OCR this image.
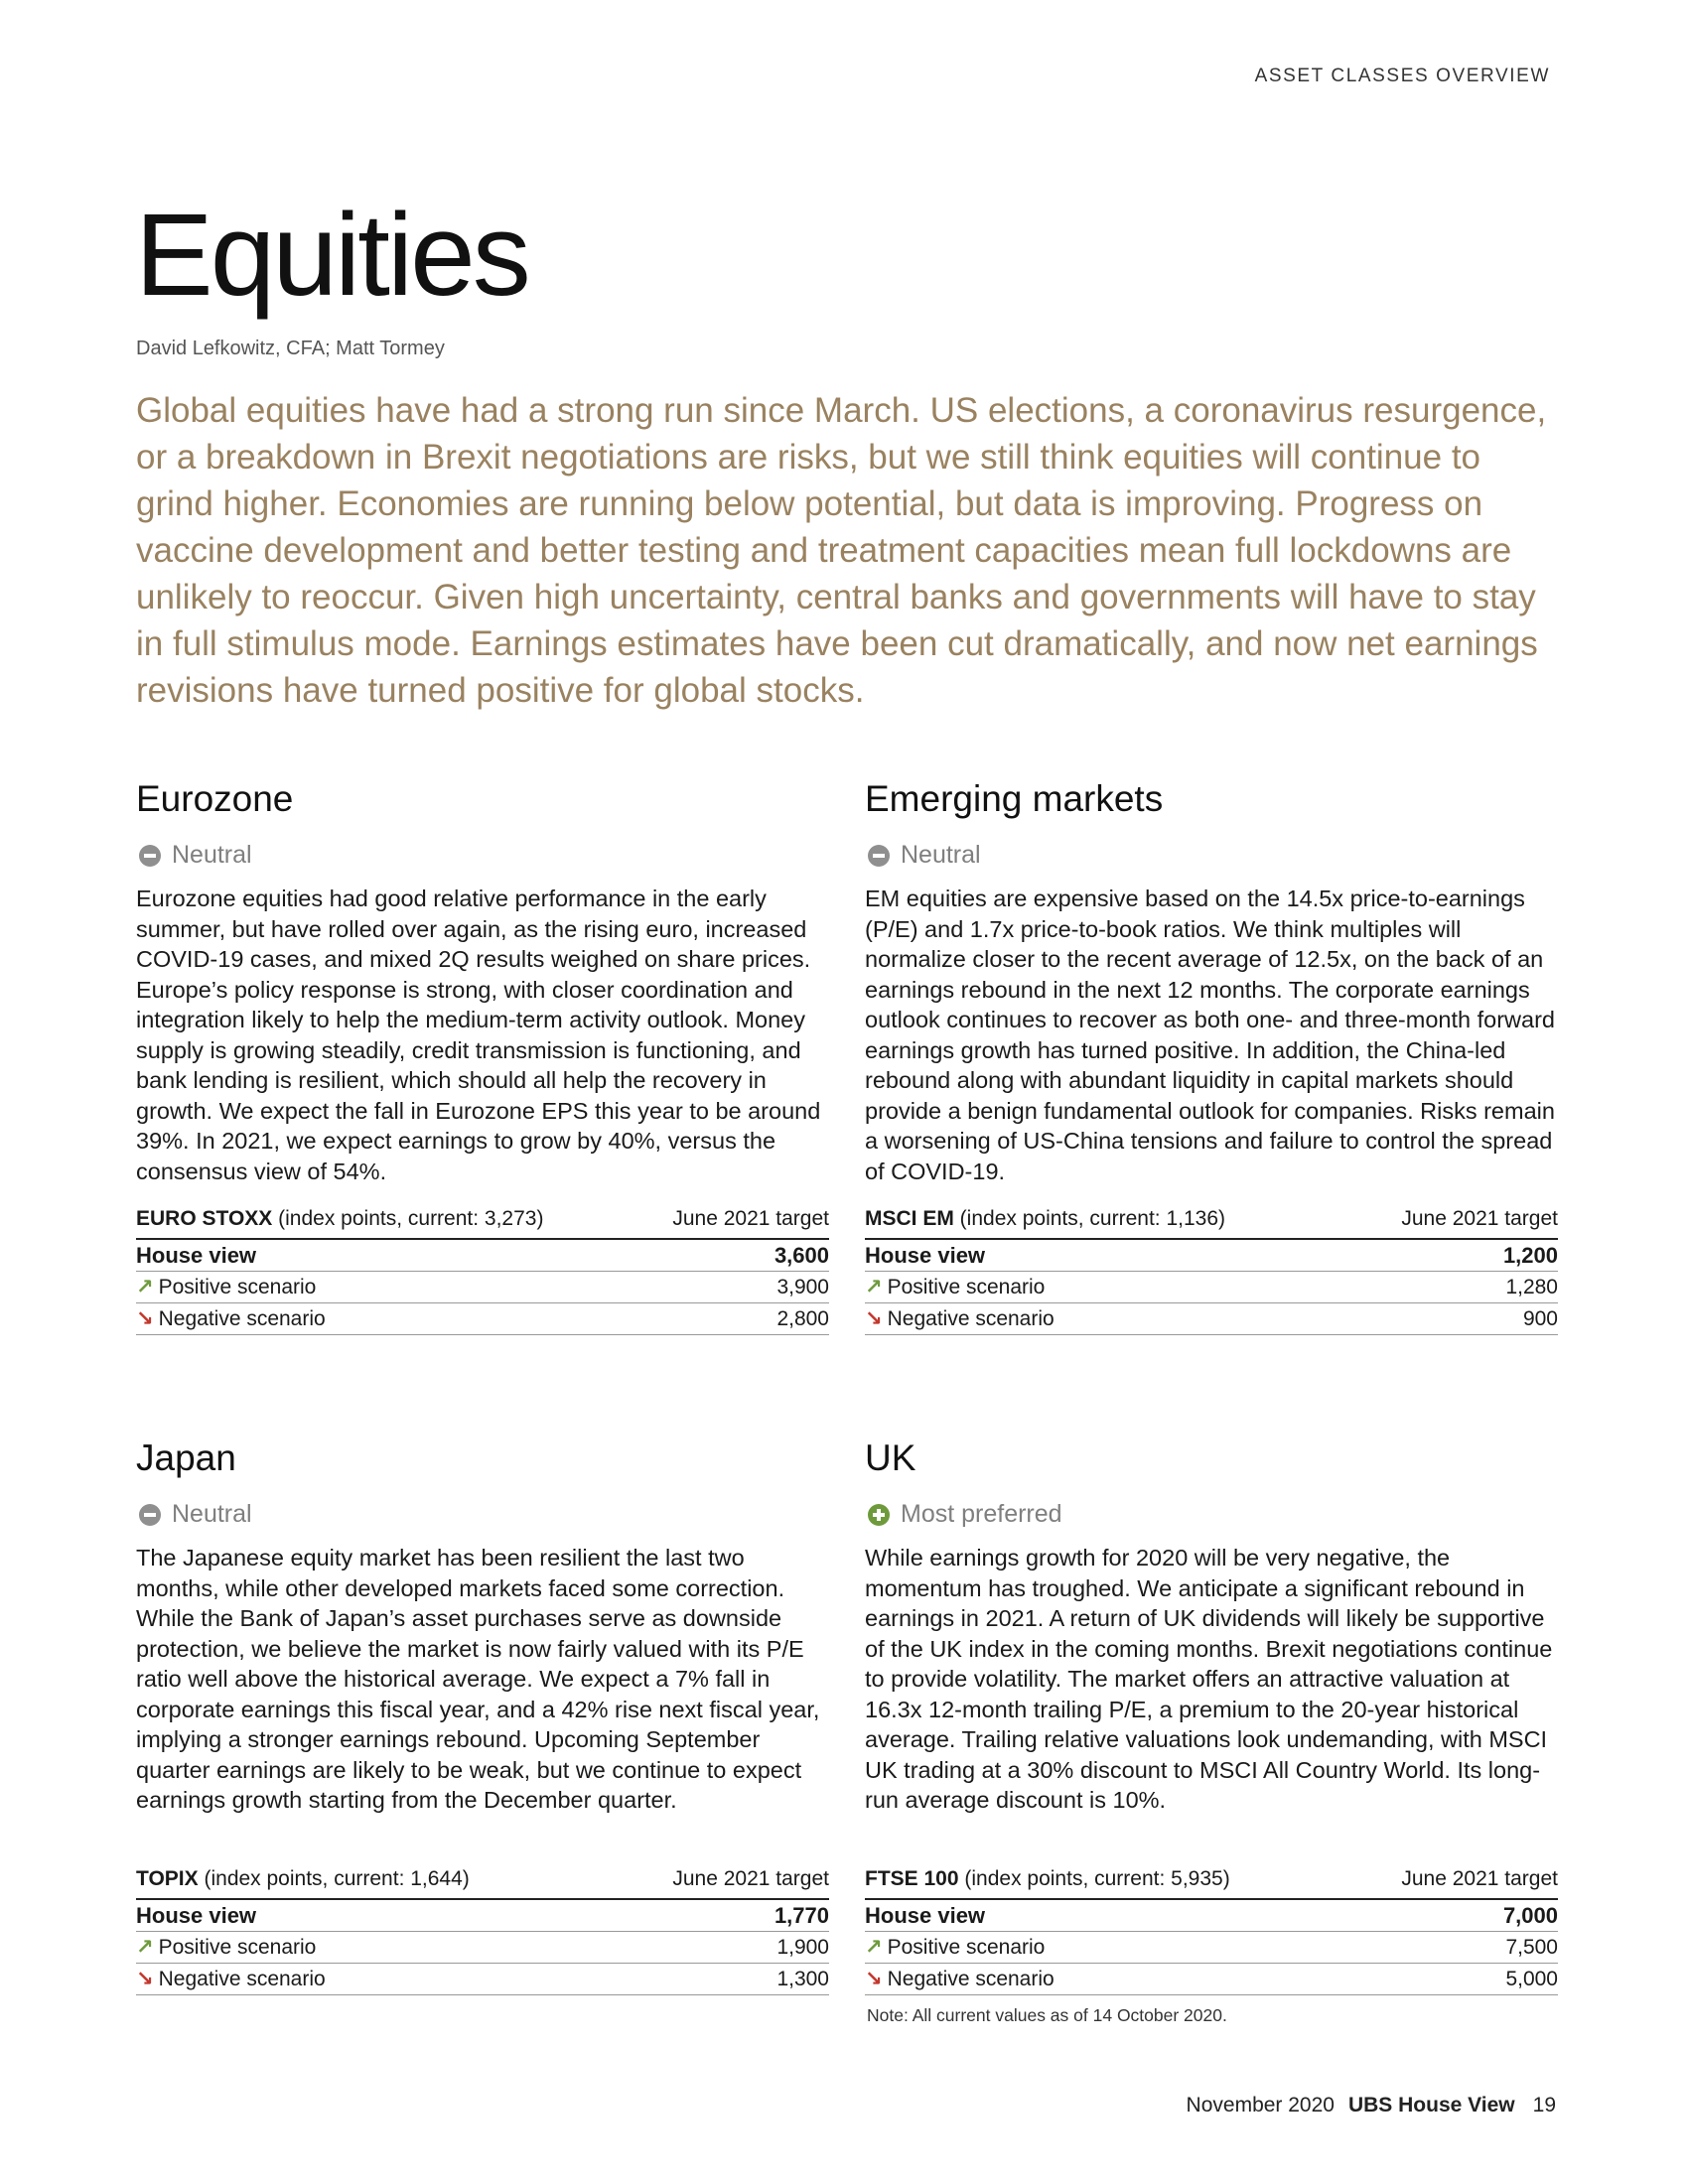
ASSET CLASSES OVERVIEW
Equities
David Lefkowitz, CFA; Matt Tormey

Global equities have had a strong run since March. US elections, a coronavirus resurgence, or a breakdown in Brexit negotiations are risks, but we still think equities will continue to grind higher. Economies are running below potential, but data is improving. Progress on vaccine development and better testing and treatment capacities mean full lockdowns are unlikely to reoccur. Given high uncertainty, central banks and governments will have to stay in full stimulus mode. Earnings estimates have been cut dramatically, and now net earnings revisions have turned positive for global stocks.

Eurozone
Neutral

Eurozone equities had good relative performance in the early summer, but have rolled over again, as the rising euro, increased COVID-19 cases, and mixed 2Q results weighed on share prices. Europe’s policy response is strong, with closer coordination and integration likely to help the medium-term activity outlook. Money supply is growing steadily, credit transmission is functioning, and bank lending is resilient, which should all help the recovery in growth. We expect the fall in Eurozone EPS this year to be around 39%. In 2021, we expect earnings to grow by 40%, versus the consensus view of 54%.

EURO STOXX (index points, current: 3,273)	June 2021 target
House view	3,600
↗ Positive scenario	3,900
↘ Negative scenario	2,800
Emerging markets
Neutral

EM equities are expensive based on the 14.5x price-to-earnings (P/E) and 1.7x price-to-book ratios. We think multiples will normalize closer to the recent average of 12.5x, on the back of an earnings rebound in the next 12 months. The corporate earnings outlook continues to recover as both one- and three-month forward earnings growth has turned positive. In addition, the China-led rebound along with abundant liquidity in capital markets should provide a benign fundamental outlook for companies. Risks remain a worsening of US-China tensions and failure to control the spread of COVID-19.

MSCI EM (index points, current: 1,136)	June 2021 target
House view	1,200
↗ Positive scenario	1,280
↘ Negative scenario	900
Japan
Neutral

The Japanese equity market has been resilient the last two months, while other developed markets faced some correction. While the Bank of Japan’s asset purchases serve as downside protection, we believe the market is now fairly valued with its P/E ratio well above the historical average. We expect a 7% fall in corporate earnings this fiscal year, and a 42% rise next fiscal year, implying a stronger earnings rebound. Upcoming September quarter earnings are likely to be weak, but we continue to expect earnings growth starting from the December quarter.

TOPIX (index points, current: 1,644)	June 2021 target
House view	1,770
↗ Positive scenario	1,900
↘ Negative scenario	1,300
UK
Most preferred

While earnings growth for 2020 will be very negative, the momentum has troughed. We anticipate a significant rebound in earnings in 2021. A return of UK dividends will likely be supportive of the UK index in the coming months. Brexit negotiations continue to provide volatility. The market offers an attractive valuation at 16.3x 12-month trailing P/E, a premium to the 20-year historical average. Trailing relative valuations look undemanding, with MSCI UK trading at a 30% discount to MSCI All Country World. Its long-run average discount is 10%.

FTSE 100 (index points, current: 5,935)	June 2021 target
House view	7,000
↗ Positive scenario	7,500
↘ Negative scenario	5,000
Note: All current values as of 14 October 2020.
November 2020 UBS House View 19
